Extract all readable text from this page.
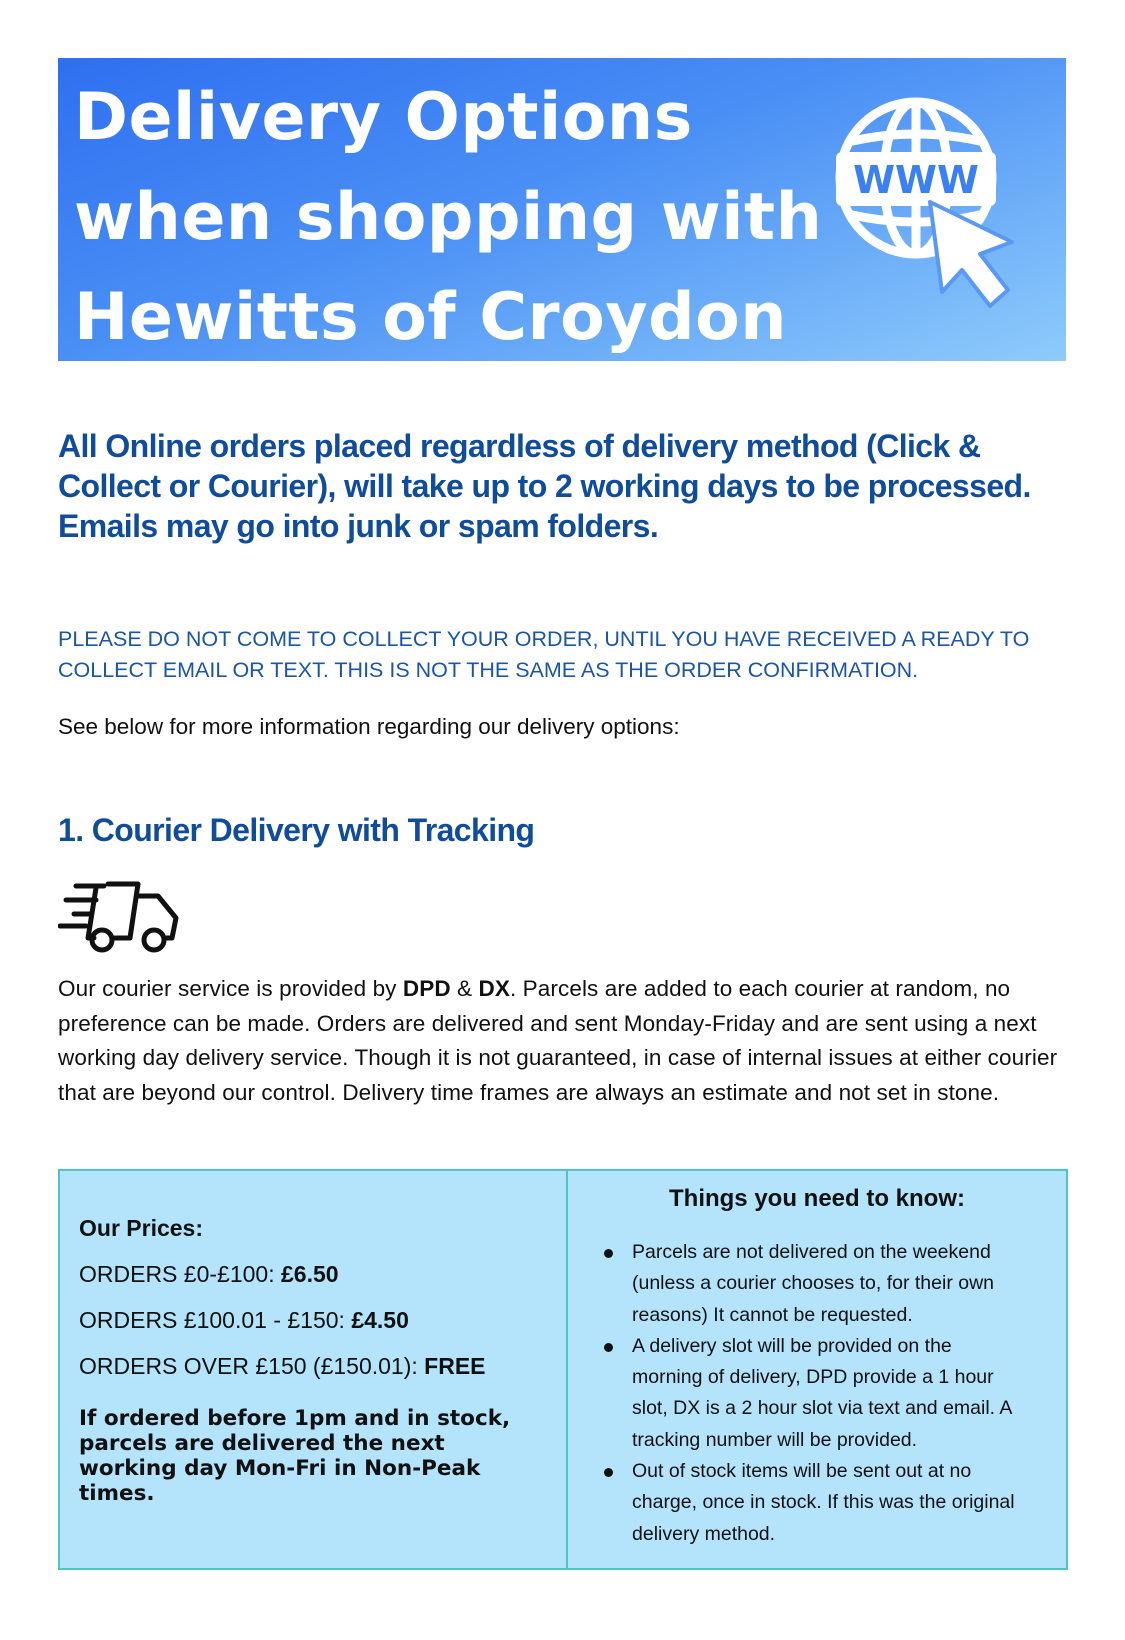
Delivery Options
when shopping with
Hewitts of Croydon
WWW

All Online orders placed regardless of delivery method (Click & Collect or Courier), will take up to 2 working days to be processed. Emails may go into junk or spam folders.

PLEASE DO NOT COME TO COLLECT YOUR ORDER, UNTIL YOU HAVE RECEIVED A READY TO COLLECT EMAIL OR TEXT. THIS IS NOT THE SAME AS THE ORDER CONFIRMATION.

See below for more information regarding our delivery options:

1. Courier Delivery with Tracking

Our courier service is provided by DPD & DX. Parcels are added to each courier at random, no preference can be made. Orders are delivered and sent Monday-Friday and are sent using a next working day delivery service. Though it is not guaranteed, in case of internal issues at either courier that are beyond our control. Delivery time frames are always an estimate and not set in stone.

Our Prices:

ORDERS £0-£100: £6.50

ORDERS £100.01 - £150: £4.50

ORDERS OVER £150 (£150.01): FREE

If ordered before 1pm and in stock, parcels are delivered the next working day Mon-Fri in Non-Peak times.

Things you need to know:

Parcels are not delivered on the weekend (unless a courier chooses to, for their own reasons) It cannot be requested.
A delivery slot will be provided on the morning of delivery, DPD provide a 1 hour slot, DX is a 2 hour slot via text and email. A tracking number will be provided.
Out of stock items will be sent out at no charge, once in stock. If this was the original delivery method.
